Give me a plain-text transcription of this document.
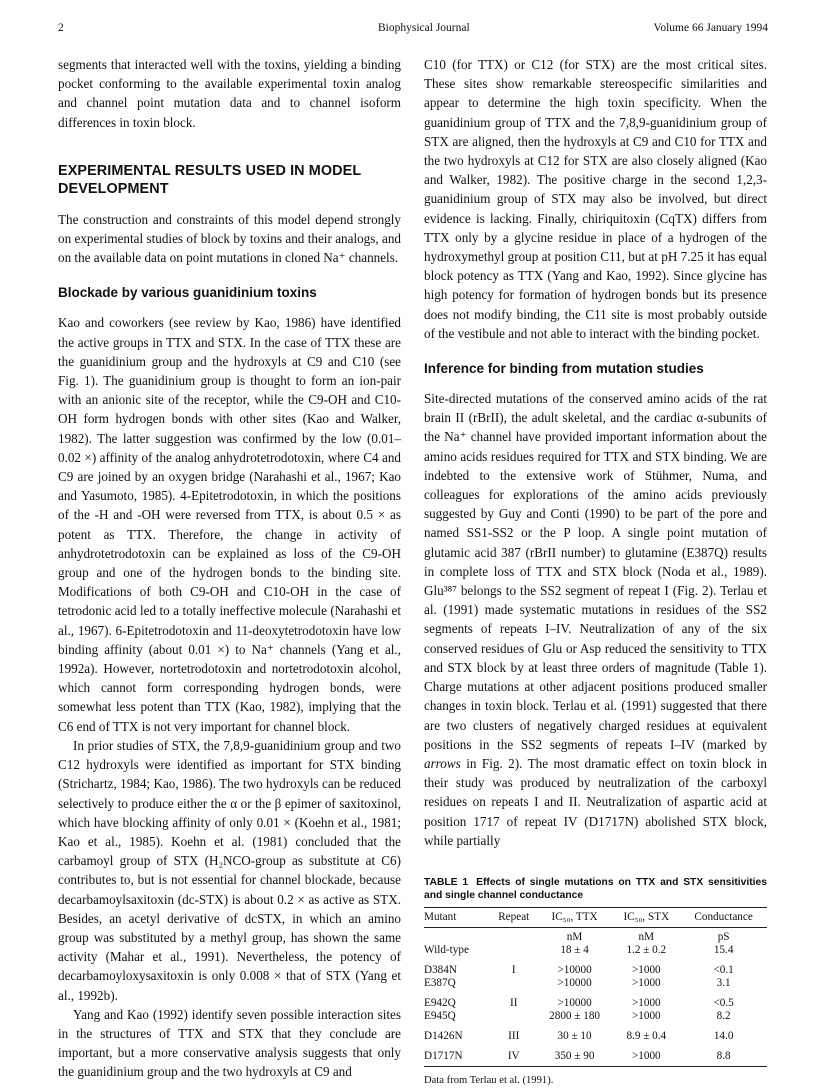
2	Biophysical Journal	Volume 66 January 1994

segments that interacted well with the toxins, yielding a binding pocket conforming to the available experimental toxin analog and channel point mutation data and to channel isoform differences in toxin block.

EXPERIMENTAL RESULTS USED IN MODEL DEVELOPMENT

The construction and constraints of this model depend strongly on experimental studies of block by toxins and their analogs, and on the available data on point mutations in cloned Na⁺ channels.

Blockade by various guanidinium toxins

Kao and coworkers (see review by Kao, 1986) have identified the active groups in TTX and STX. In the case of TTX these are the guanidinium group and the hydroxyls at C9 and C10 (see Fig. 1). The guanidinium group is thought to form an ion-pair with an anionic site of the receptor, while the C9-OH and C10-OH form hydrogen bonds with other sites (Kao and Walker, 1982). The latter suggestion was confirmed by the low (0.01–0.02 ×) affinity of the analog anhydrotetrodotoxin, where C4 and C9 are joined by an oxygen bridge (Narahashi et al., 1967; Kao and Yasumoto, 1985). 4-Epitetrodotoxin, in which the positions of the -H and -OH were reversed from TTX, is about 0.5 × as potent as TTX. Therefore, the change in activity of anhydrotetrodotoxin can be explained as loss of the C9-OH group and one of the hydrogen bonds to the binding site. Modifications of both C9-OH and C10-OH in the case of tetrodonic acid led to a totally ineffective molecule (Narahashi et al., 1967). 6-Epitetrodotoxin and 11-deoxytetrodotoxin have low binding affinity (about 0.01 ×) to Na⁺ channels (Yang et al., 1992a). However, nortetrodotoxin and nortetrodotoxin alcohol, which cannot form corresponding hydrogen bonds, were somewhat less potent than TTX (Kao, 1982), implying that the C6 end of TTX is not very important for channel block.

In prior studies of STX, the 7,8,9-guanidinium group and two C12 hydroxyls were identified as important for STX binding (Strichartz, 1984; Kao, 1986). The two hydroxyls can be reduced selectively to produce either the α or the β epimer of saxitoxinol, which have blocking affinity of only 0.01 × (Koehn et al., 1981; Kao et al., 1985). Koehn et al. (1981) concluded that the carbamoyl group of STX (H₂NCO-group as substitute at C6) contributes to, but is not essential for channel blockade, because decarbamoylsaxitoxin (dc-STX) is about 0.2 × as active as STX. Besides, an acetyl derivative of dcSTX, in which an amino group was substituted by a methyl group, has shown the same activity (Mahar et al., 1991). Nevertheless, the potency of decarbamoyloxysaxitoxin is only 0.008 × that of STX (Yang et al., 1992b).

Yang and Kao (1992) identify seven possible interaction sites in the structures of TTX and STX that they conclude are important, but a more conservative analysis suggests that only the guanidinium group and the two hydroxyls at C9 and

C10 (for TTX) or C12 (for STX) are the most critical sites. These sites show remarkable stereospecific similarities and appear to determine the high toxin specificity. When the guanidinium group of TTX and the 7,8,9-guanidinium group of STX are aligned, then the hydroxyls at C9 and C10 for TTX and the two hydroxyls at C12 for STX are also closely aligned (Kao and Walker, 1982). The positive charge in the second 1,2,3-guanidinium group of STX may also be involved, but direct evidence is lacking. Finally, chiriquitoxin (CqTX) differs from TTX only by a glycine residue in place of a hydrogen of the hydroxymethyl group at position C11, but at pH 7.25 it has equal block potency as TTX (Yang and Kao, 1992). Since glycine has high potency for formation of hydrogen bonds but its presence does not modify binding, the C11 site is most probably outside of the vestibule and not able to interact with the binding pocket.

Inference for binding from mutation studies

Site-directed mutations of the conserved amino acids of the rat brain II (rBrII), the adult skeletal, and the cardiac α-subunits of the Na⁺ channel have provided important information about the amino acids residues required for TTX and STX binding. We are indebted to the extensive work of Stühmer, Numa, and colleagues for explorations of the amino acids previously suggested by Guy and Conti (1990) to be part of the pore and named SS1-SS2 or the P loop. A single point mutation of glutamic acid 387 (rBrII number) to glutamine (E387Q) results in complete loss of TTX and STX block (Noda et al., 1989). Glu³⁸⁷ belongs to the SS2 segment of repeat I (Fig. 2). Terlau et al. (1991) made systematic mutations in residues of the SS2 segments of repeats I–IV. Neutralization of any of the six conserved residues of Glu or Asp reduced the sensitivity to TTX and STX block by at least three orders of magnitude (Table 1). Charge mutations at other adjacent positions produced smaller changes in toxin block. Terlau et al. (1991) suggested that there are two clusters of negatively charged residues at equivalent positions in the SS2 segments of repeats I–IV (marked by arrows in Fig. 2). The most dramatic effect on toxin block in their study was produced by neutralization of the carboxyl residues on repeats I and II. Neutralization of aspartic acid at position 1717 of repeat IV (D1717N) abolished STX block, while partially

TABLE 1 Effects of single mutations on TTX and STX sensitivities and single channel conductance
Mutant	Repeat	IC₅₀, TTX	IC₅₀, STX	Conductance
		nM	nM	pS
Wild-type		18 ± 4	1.2 ± 0.2	15.4

D384N	I	>10000	>1000	<0.1
E387Q		>10000	>1000	3.1

E942Q	II	>10000	>1000	<0.5
E945Q		2800 ± 180	>1000	8.2

D1426N	III	30 ± 10	8.9 ± 0.4	14.0

D1717N	IV	350 ± 90	>1000	8.8
Data from Terlau et al. (1991).
